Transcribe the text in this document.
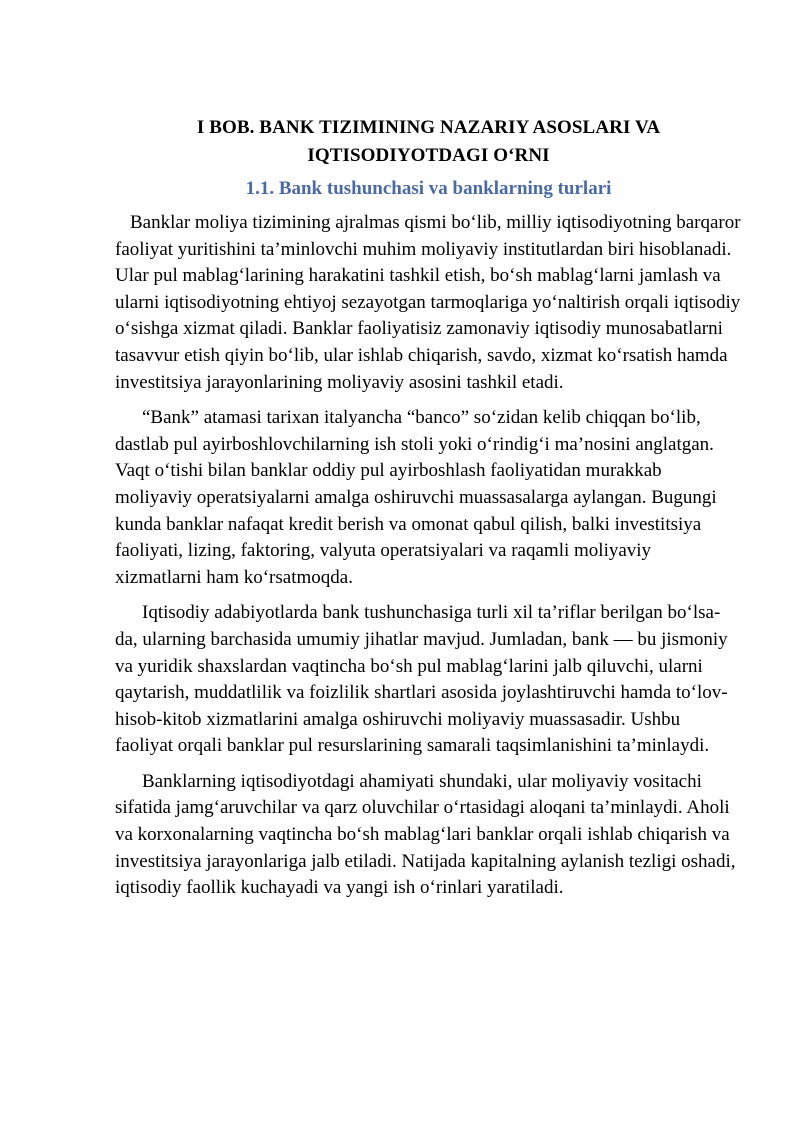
I BOB. BANK TIZIMINING NAZARIY ASOSLARI VA IQTISODIYOTDAGI O‘RNI
1.1. Bank tushunchasi va banklarning turlari

Banklar moliya tizimining ajralmas qismi bo‘lib, milliy iqtisodiyotning barqaror faoliyat yuritishini ta’minlovchi muhim moliyaviy institutlardan biri hisoblanadi. Ular pul mablag‘larining harakatini tashkil etish, bo‘sh mablag‘larni jamlash va ularni iqtisodiyotning ehtiyoj sezayotgan tarmoqlariga yo‘naltirish orqali iqtisodiy o‘sishga xizmat qiladi. Banklar faoliyatisiz zamonaviy iqtisodiy munosabatlarni tasavvur etish qiyin bo‘lib, ular ishlab chiqarish, savdo, xizmat ko‘rsatish hamda investitsiya jarayonlarining moliyaviy asosini tashkil etadi.

“Bank” atamasi tarixan italyancha “banco” so‘zidan kelib chiqqan bo‘lib, dastlab pul ayirboshlovchilarning ish stoli yoki o‘rindig‘i ma’nosini anglatgan. Vaqt o‘tishi bilan banklar oddiy pul ayirboshlash faoliyatidan murakkab moliyaviy operatsiyalarni amalga oshiruvchi muassasalarga aylangan. Bugungi kunda banklar nafaqat kredit berish va omonat qabul qilish, balki investitsiya faoliyati, lizing, faktoring, valyuta operatsiyalari va raqamli moliyaviy xizmatlarni ham ko‘rsatmoqda.

Iqtisodiy adabiyotlarda bank tushunchasiga turli xil ta’riflar berilgan bo‘lsa-da, ularning barchasida umumiy jihatlar mavjud. Jumladan, bank — bu jismoniy va yuridik shaxslardan vaqtincha bo‘sh pul mablag‘larini jalb qiluvchi, ularni qaytarish, muddatlilik va foizlilik shartlari asosida joylashtiruvchi hamda to‘lov-hisob-kitob xizmatlarini amalga oshiruvchi moliyaviy muassasadir. Ushbu faoliyat orqali banklar pul resurslarining samarali taqsimlanishini ta’minlaydi.

Banklarning iqtisodiyotdagi ahamiyati shundaki, ular moliyaviy vositachi sifatida jamg‘aruvchilar va qarz oluvchilar o‘rtasidagi aloqani ta’minlaydi. Aholi va korxonalarning vaqtincha bo‘sh mablag‘lari banklar orqali ishlab chiqarish va investitsiya jarayonlariga jalb etiladi. Natijada kapitalning aylanish tezligi oshadi, iqtisodiy faollik kuchayadi va yangi ish o‘rinlari yaratiladi.
